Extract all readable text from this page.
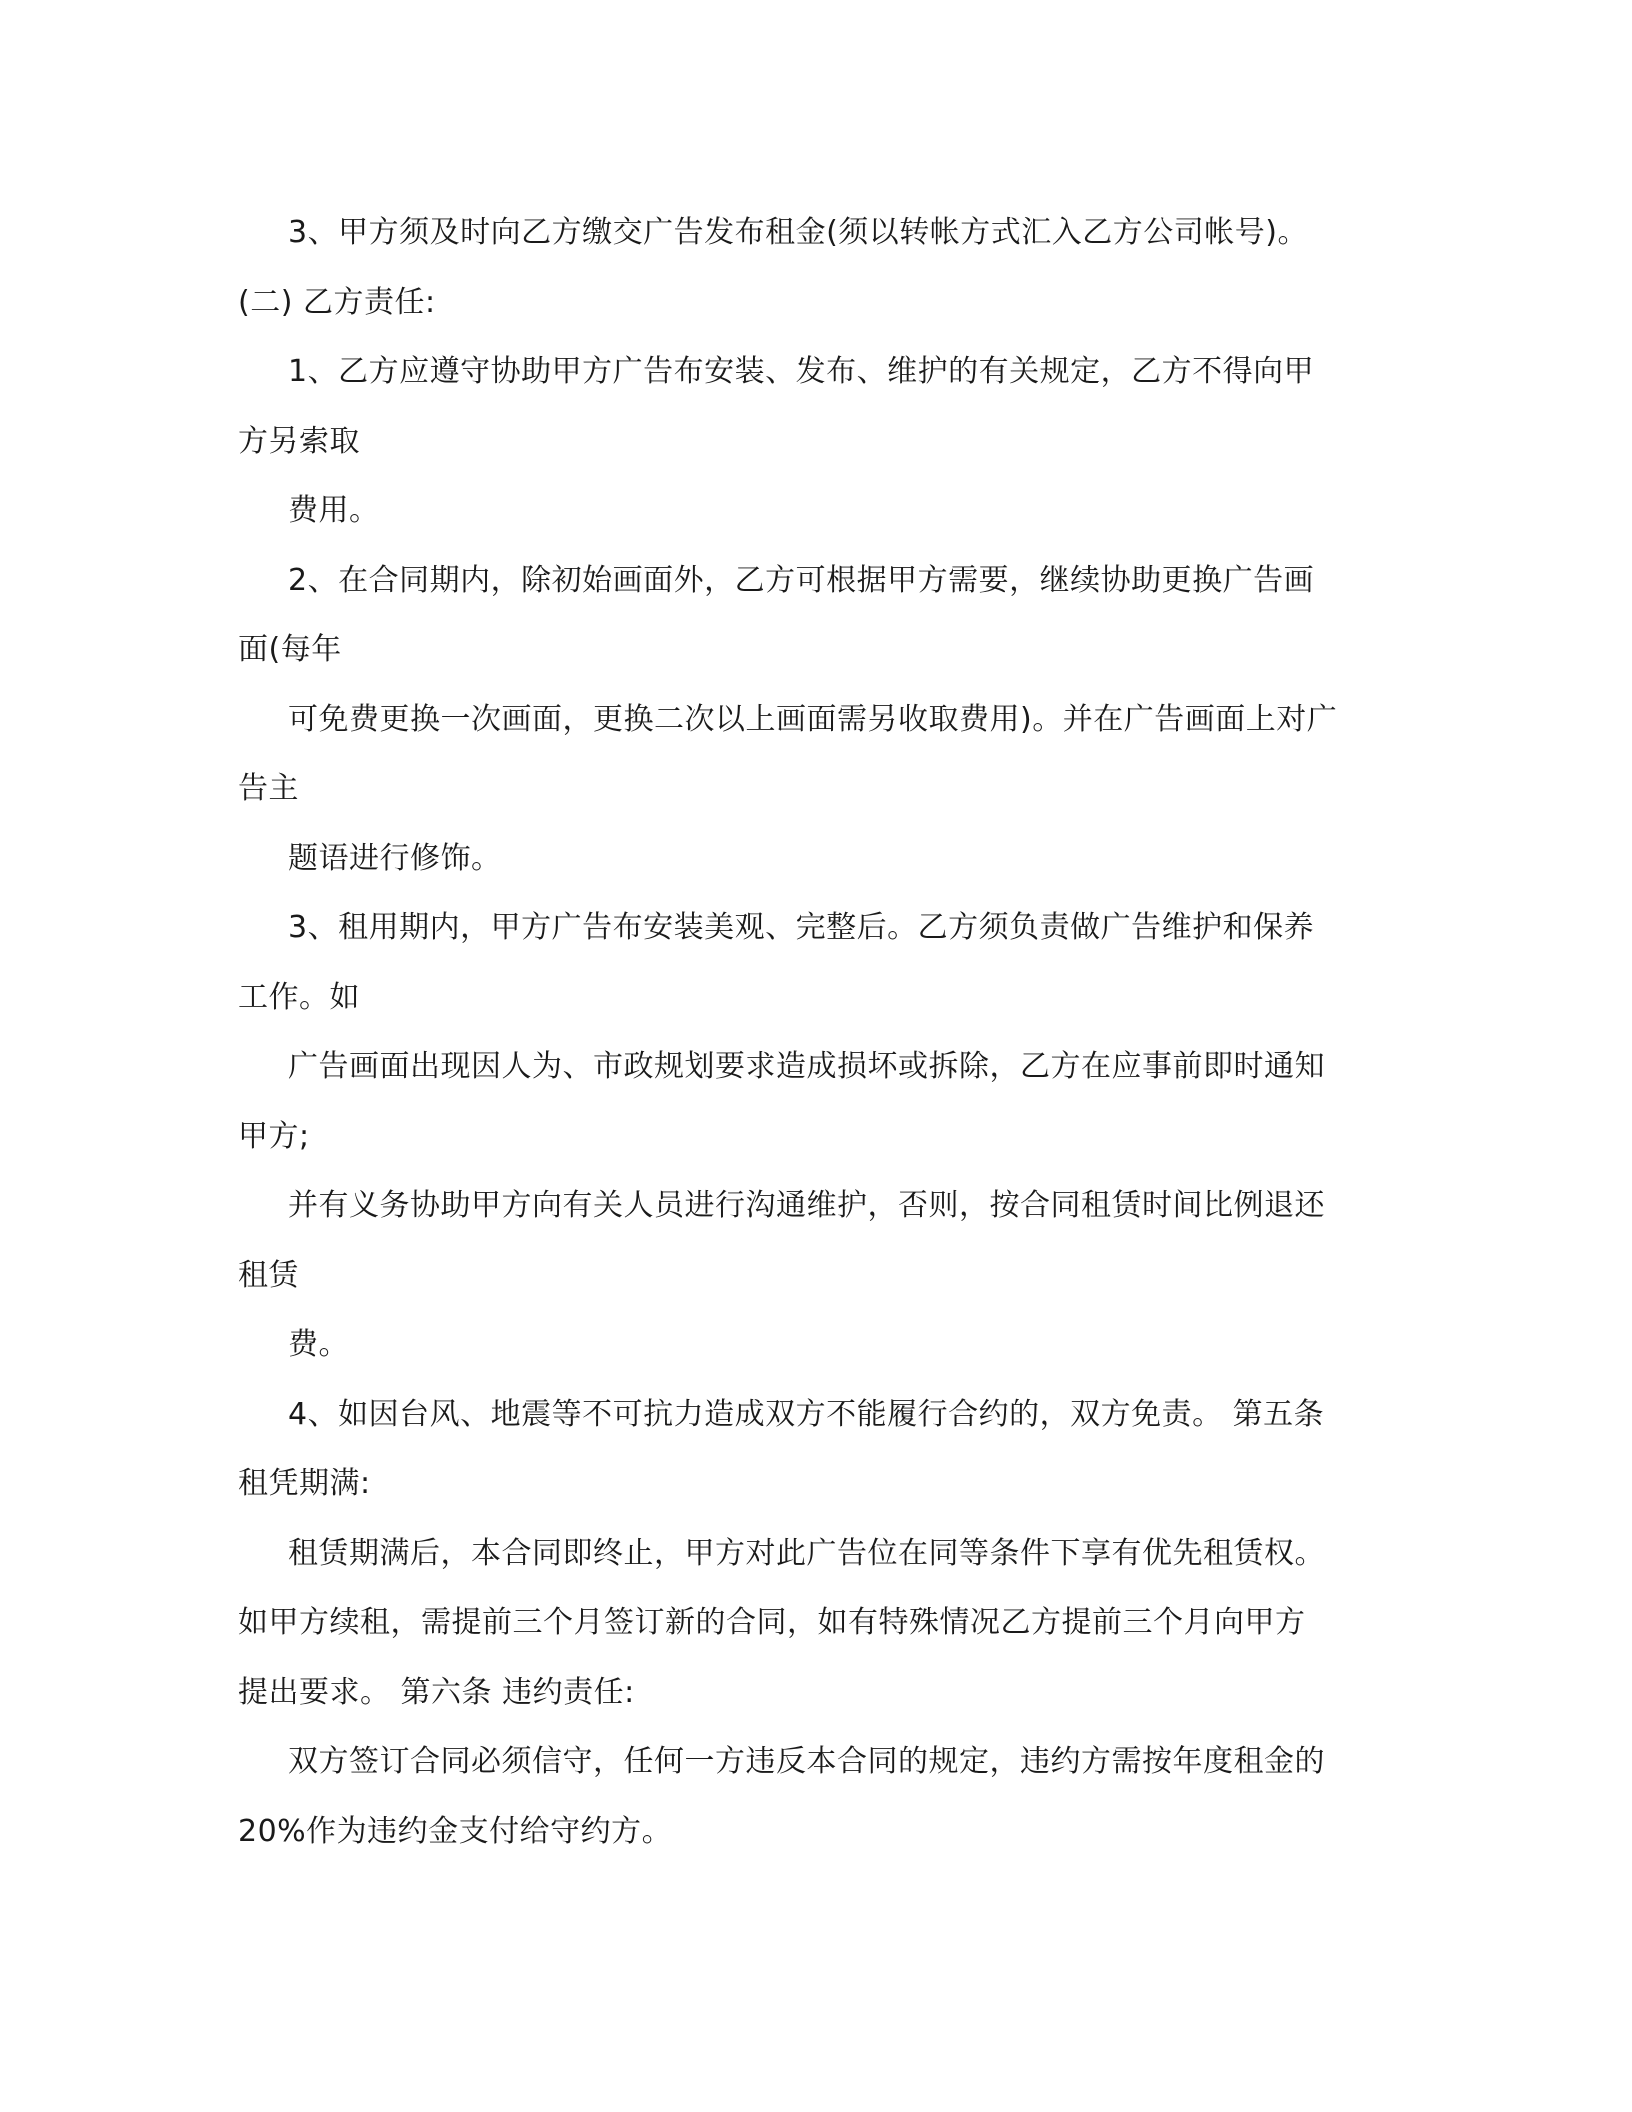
3、甲方须及时向乙方缴交广告发布租金(须以转帐方式汇入乙方公司帐号)。
(二) 乙方责任:
1、乙方应遵守协助甲方广告布安装、发布、维护的有关规定，乙方不得向甲
方另索取
费用。
2、在合同期内，除初始画面外，乙方可根据甲方需要，继续协助更换广告画
面(每年
可免费更换一次画面，更换二次以上画面需另收取费用)。并在广告画面上对广
告主
题语进行修饰。
3、租用期内，甲方广告布安装美观、完整后。乙方须负责做广告维护和保养
工作。如
广告画面出现因人为、市政规划要求造成损坏或拆除，乙方在应事前即时通知
甲方;
并有义务协助甲方向有关人员进行沟通维护，否则，按合同租赁时间比例退还
租赁
费。
4、如因台风、地震等不可抗力造成双方不能履行合约的，双方免责。 第五条
租凭期满:
租赁期满后，本合同即终止，甲方对此广告位在同等条件下享有优先租赁权。
如甲方续租，需提前三个月签订新的合同，如有特殊情况乙方提前三个月向甲方
提出要求。 第六条 违约责任:
双方签订合同必须信守，任何一方违反本合同的规定，违约方需按年度租金的
20%作为违约金支付给守约方。
